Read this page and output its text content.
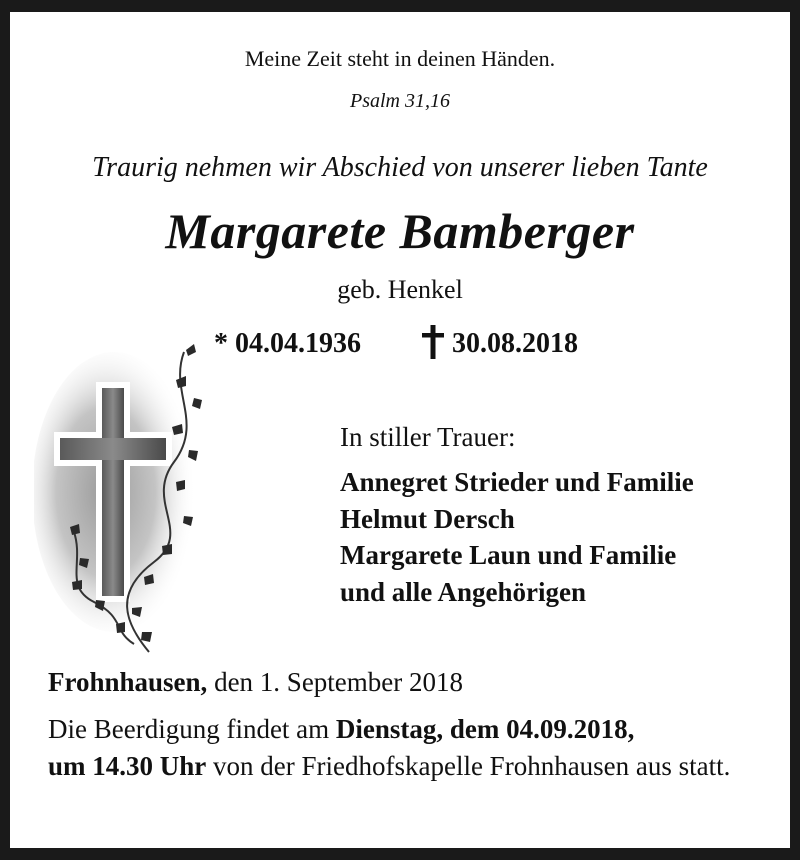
Meine Zeit steht in deinen Händen.
Psalm 31,16
Traurig nehmen wir Abschied von unserer lieben Tante
Margarete Bamberger
geb. Henkel
* 04.04.1936	30.08.2018
In stiller Trauer:
Annegret Strieder und Familie
Helmut Dersch
Margarete Laun und Familie
und alle Angehörigen
Frohnhausen, den 1. September 2018
Die Beerdigung findet am Dienstag, dem 04.09.2018,
um 14.30 Uhr von der Friedhofskapelle Frohnhausen aus statt.
